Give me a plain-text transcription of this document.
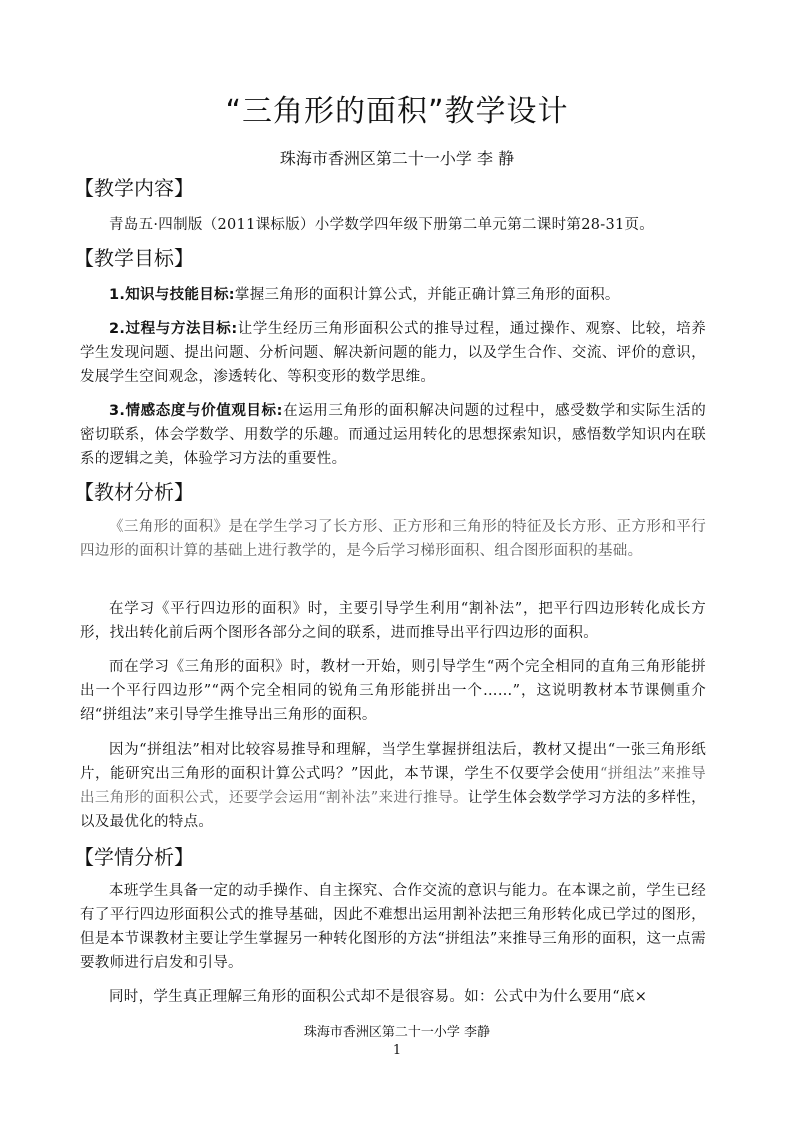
“三角形的面积”教学设计
珠海市香洲区第二十一小学 李 静
【教学内容】
青岛五·四制版（2011课标版）小学数学四年级下册第二单元第二课时第28-31页。
【教学目标】
1.知识与技能目标:掌握三角形的面积计算公式，并能正确计算三角形的面积。
2.过程与方法目标:让学生经历三角形面积公式的推导过程，通过操作、观察、比较，培养学生发现问题、提出问题、分析问题、解决新问题的能力，以及学生合作、交流、评价的意识，发展学生空间观念，渗透转化、等积变形的数学思维。
3.情感态度与价值观目标:在运用三角形的面积解决问题的过程中，感受数学和实际生活的密切联系，体会学数学、用数学的乐趣。而通过运用转化的思想探索知识，感悟数学知识内在联系的逻辑之美，体验学习方法的重要性。
【教材分析】
《三角形的面积》是在学生学习了长方形、正方形和三角形的特征及长方形、正方形和平行四边形的面积计算的基础上进行教学的，是今后学习梯形面积、组合图形面积的基础。
在学习《平行四边形的面积》时，主要引导学生利用“割补法”，把平行四边形转化成长方形，找出转化前后两个图形各部分之间的联系，进而推导出平行四边形的面积。
而在学习《三角形的面积》时，教材一开始，则引导学生“两个完全相同的直角三角形能拼出一个平行四边形”“两个完全相同的锐角三角形能拼出一个……”，这说明教材本节课侧重介绍“拼组法”来引导学生推导出三角形的面积。
因为“拼组法”相对比较容易推导和理解，当学生掌握拼组法后，教材又提出“一张三角形纸片，能研究出三角形的面积计算公式吗？”因此，本节课，学生不仅要学会使用“拼组法”来推导出三角形的面积公式，还要学会运用“割补法”来进行推导。让学生体会数学学习方法的多样性，以及最优化的特点。
【学情分析】
本班学生具备一定的动手操作、自主探究、合作交流的意识与能力。在本课之前，学生已经有了平行四边形面积公式的推导基础，因此不难想出运用割补法把三角形转化成已学过的图形，但是本节课教材主要让学生掌握另一种转化图形的方法“拼组法”来推导三角形的面积，这一点需要教师进行启发和引导。
同时，学生真正理解三角形的面积公式却不是很容易。如：公式中为什么要用“底×
珠海市香洲区第二十一小学 李静
1
